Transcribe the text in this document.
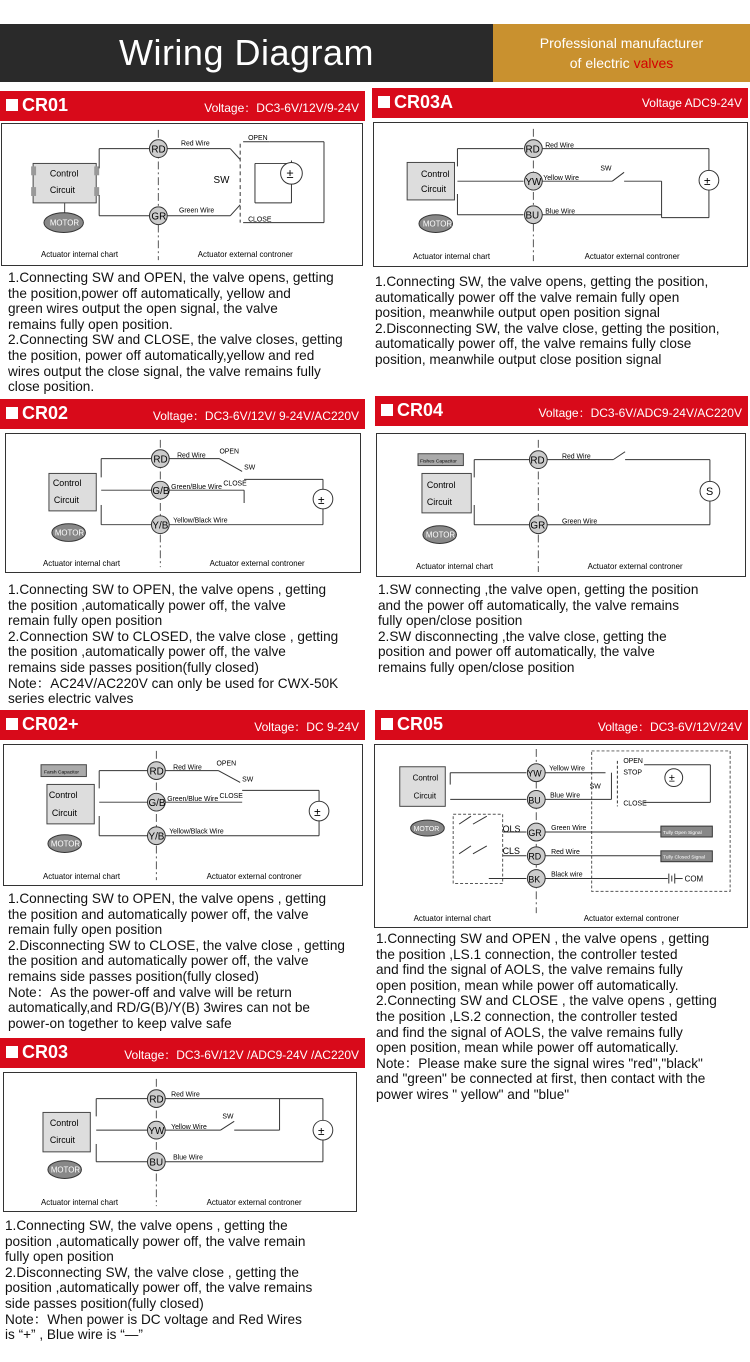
Wiring Diagram	Professional manufacturer
of electric valves
CR01	Voltage：DC3-6V/12V/9-24V
Control
Circuit
MOTOR
RD
GR
Red Wire
Green Wire
SW
OPEN
CLOSE
±
Actuator internal chart	Actuator external controner
1.Connecting SW and OPEN, the valve opens, getting
the position,power off automatically, yellow and
green wires output the open signal, the valve
remains fully open position.
2.Connecting SW and CLOSE, the valve closes, getting
the position, power off automatically,yellow and red
wires output the close signal, the valve remains fully
close position.
CR03A	Voltage ADC9-24V
Control
Circuit
MOTOR
RD
YW
BU
Red Wire
Yellow Wire
Blue Wire
SW
±
Actuator internal chart	Actuator external controner
1.Connecting SW, the valve opens, getting the position,
automatically power off the valve remain fully open
position, meanwhile output open position signal
2.Disconnecting SW, the valve close, getting the position,
automatically power off, the valve remains fully close
position, meanwhile output close position signal
CR02	Voltage：DC3-6V/12V/ 9-24V/AC220V
Control
Circuit
MOTOR
RD
G/B
Y/B
Red Wire
Green/Blue Wire
Yellow/Black Wire
OPEN
CLOSE
SW
±
Actuator internal chart	Actuator external controner
1.Connecting SW to OPEN, the valve opens , getting
the position ,automatically power off, the valve
remain fully open position
2.Connection SW to CLOSED, the valve close , getting
the position ,automatically power off, the valve
remains side passes position(fully closed)
Note：AC24V/AC220V can only be used for CWX-50K
series electric valves
CR04	Voltage：DC3-6V/ADC9-24V/AC220V
Fishes Capacitor
Control
Circuit
MOTOR
RD
GR
Red Wire
Green Wire
S
Actuator internal chart	Actuator external controner
1.SW connecting ,the valve open, getting the position
and the power off automatically, the valve remains
fully open/close position
2.SW disconnecting ,the valve close, getting the
position and power off automatically, the valve
remains fully open/close position
CR02+	Voltage：DC 9-24V
Farsh Capacitor
Control
Circuit
MOTOR
RD
G/B
Y/B
Red Wire
Green/Blue Wire
Yellow/Black Wire
OPEN
CLOSE
SW
±
Actuator internal chart	Actuator external controner
1.Connecting SW to OPEN, the valve opens , getting
the position and automatically power off, the valve
remain fully open position
2.Disconnecting SW to CLOSE, the valve close , getting
the position and automatically power off, the valve
remains side passes position(fully closed)
Note：As the power-off and valve will be return
automatically,and RD/G(B)/Y(B) 3wires can not be
power-on together to keep valve safe
CR05	Voltage：DC3-6V/12V/24V
Control
Circuit
MOTOR	OLS
CLS
YW
BU
GR
RD
BK
Yellow Wire
Blue Wire
Green Wire
Red Wire
Black wire
SW
OPEN
STOP
CLOSE
±
Tully Open Signal
Tully Closed Signal
COM
Actuator internal chart	Actuator external controner
1.Connecting SW and OPEN , the valve opens , getting
the position ,LS.1 connection, the controller tested
and find the signal of AOLS, the valve remains fully
open position, mean while power off automatically.
2.Connecting SW and CLOSE , the valve opens , getting
the position ,LS.2 connection, the controller tested
and find the signal of AOLS, the valve remains fully
open position, mean while power off automatically.
Note：Please make sure the signal wires "red","black"
and "green" be connected at first, then contact with the
power wires " yellow" and "blue"
CR03	Voltage：DC3-6V/12V /ADC9-24V /AC220V
Control
Circuit
MOTOR
RD
YW
BU
Red Wire
Yellow Wire
Blue Wire
SW
±
Actuator internal chart	Actuator external controner
1.Connecting SW, the valve opens , getting the
position ,automatically power off, the valve remain
fully open position
2.Disconnecting SW, the valve close , getting the
position ,automatically power off, the valve remains
side passes position(fully closed)
Note：When power is DC voltage and Red Wires
is “+” , Blue wire is “—”
